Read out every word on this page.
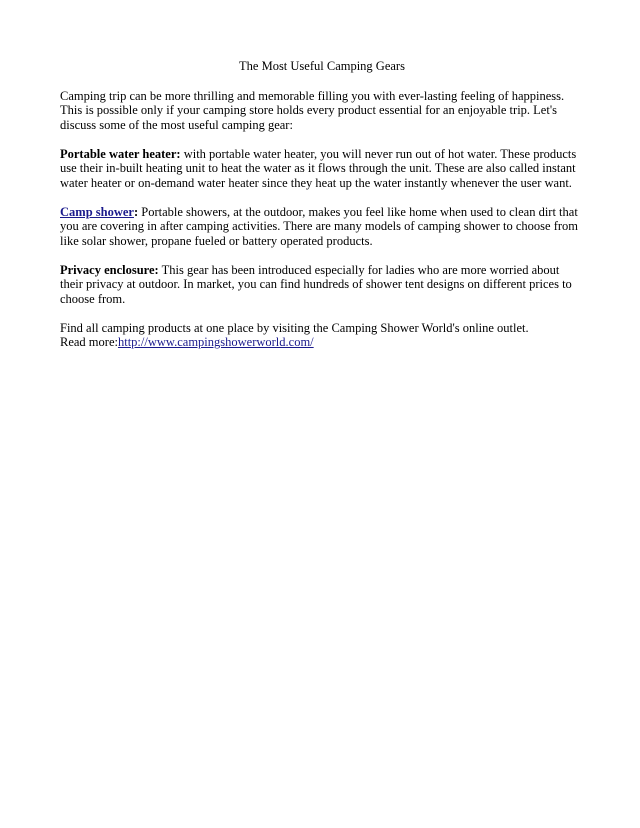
The Most Useful Camping Gears

Camping trip can be more thrilling and memorable filling you with ever-lasting feeling of happiness. This is possible only if your camping store holds every product essential for an enjoyable trip. Let's discuss some of the most useful camping gear:

Portable water heater: with portable water heater, you will never run out of hot water. These products use their in-built heating unit to heat the water as it flows through the unit. These are also called instant water heater or on-demand water heater since they heat up the water instantly whenever the user want.

Camp shower: Portable showers, at the outdoor, makes you feel like home when used to clean dirt that you are covering in after camping activities. There are many models of camping shower to choose from like solar shower, propane fueled or battery operated products.

Privacy enclosure: This gear has been introduced especially for ladies who are more worried about their privacy at outdoor. In market, you can find hundreds of shower tent designs on different prices to choose from.

Find all camping products at one place by visiting the Camping Shower World's online outlet.
Read more:http://www.campingshowerworld.com/
